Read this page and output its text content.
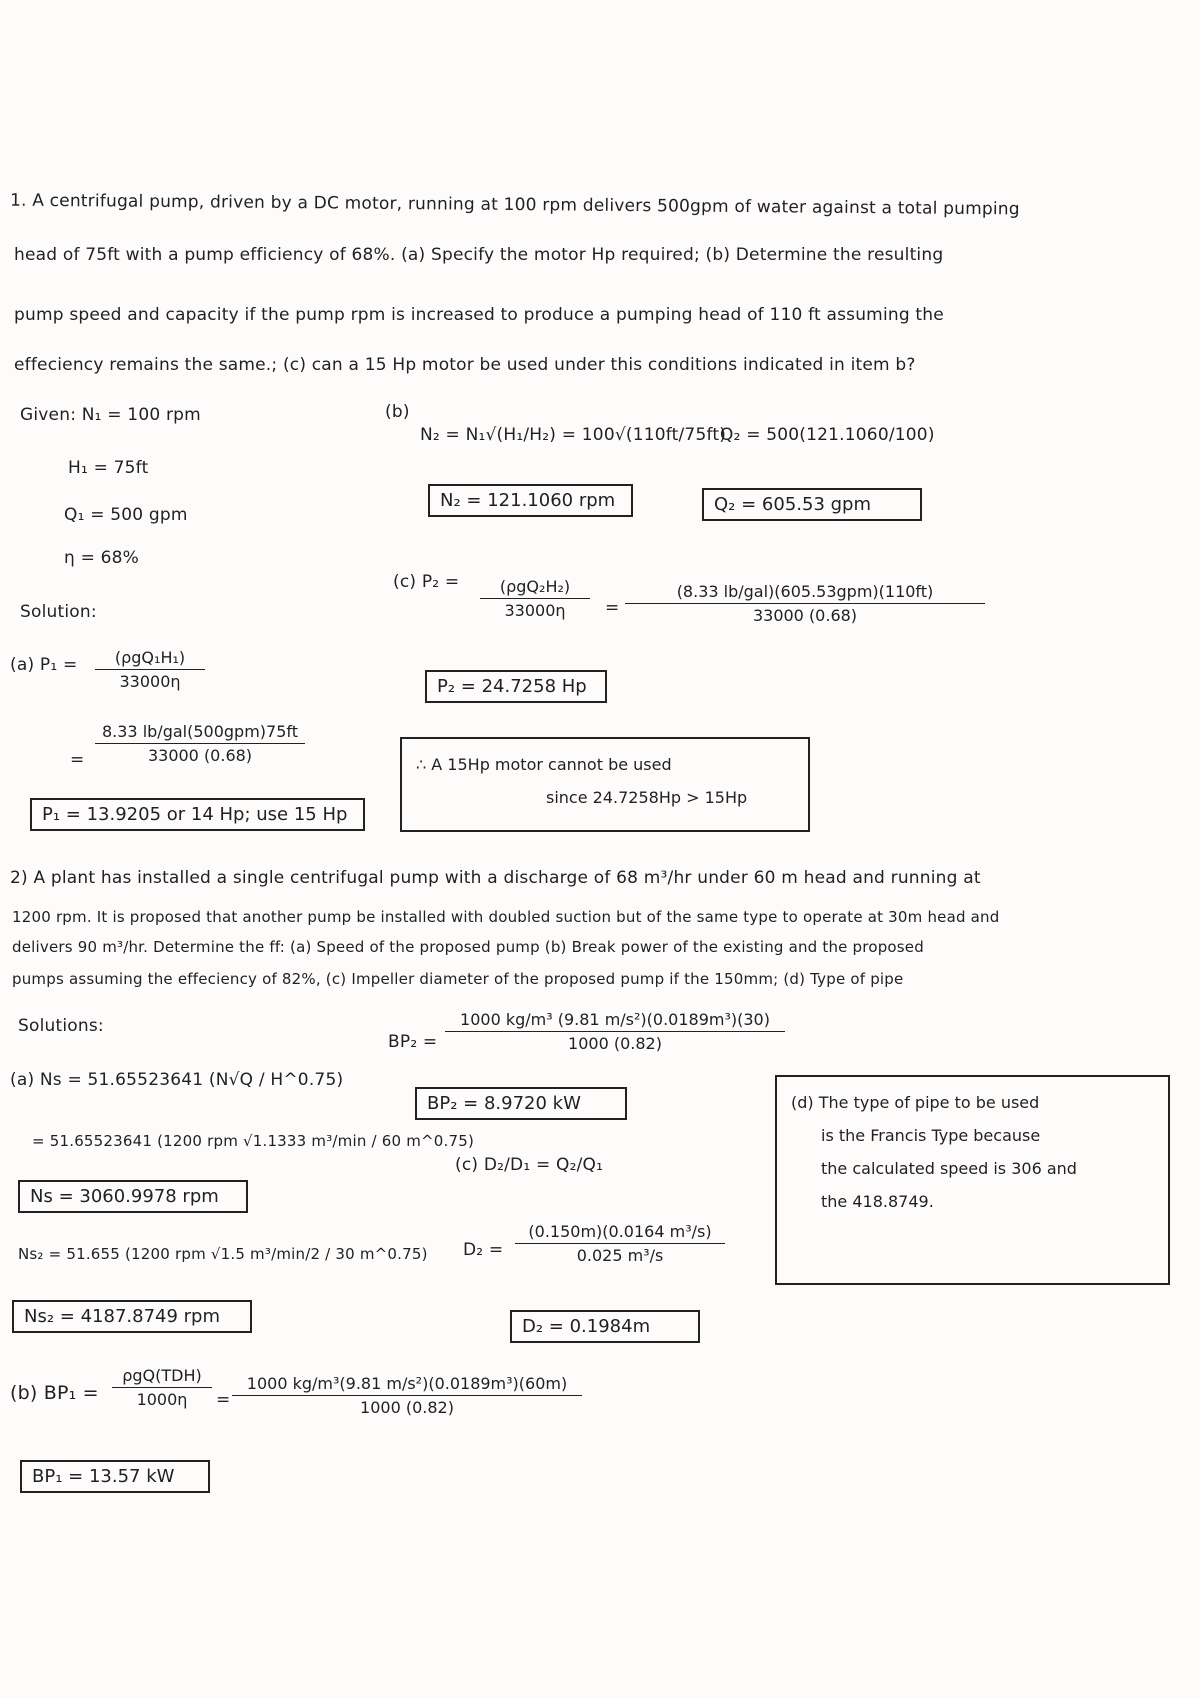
1. A centrifugal pump, driven by a DC motor, running at 100 rpm delivers 500gpm of water against a total pumping
head of 75ft with a pump efficiency of 68%. (a) Specify the motor Hp required; (b) Determine the resulting
pump speed and capacity if the pump rpm is increased to produce a pumping head of 110 ft assuming the
effeciency remains the same.; (c) can a 15 Hp motor be used under this conditions indicated in item b?
Given: N₁ = 100 rpm
H₁ = 75ft
Q₁ = 500 gpm
η = 68%
Solution:
(a) P₁ =	(ρgQ₁H₁)
33000η
=
8.33 lb/gal(500gpm)75ft
33000 (0.68)
P₁ = 13.9205 or 14 Hp; use 15 Hp
(b)
N₂ = N₁√(H₁/H₂) = 100√(110ft/75ft)
Q₂ = 500(121.1060/100)
N₂ = 121.1060 rpm	Q₂ = 605.53 gpm
(c) P₂ =	(ρgQ₂H₂)
33000η	=
(8.33 lb/gal)(605.53gpm)(110ft)
33000 (0.68)
P₂ = 24.7258 Hp
∴ A 15Hp motor cannot be used
since 24.7258Hp > 15Hp
2) A plant has installed a single centrifugal pump with a discharge of 68 m³/hr under 60 m head and running at
1200 rpm. It is proposed that another pump be installed with doubled suction but of the same type to operate at 30m head and
delivers 90 m³/hr. Determine the ff: (a) Speed of the proposed pump (b) Break power of the existing and the proposed
pumps assuming the effeciency of 82%, (c) Impeller diameter of the proposed pump if the 150mm; (d) Type of pipe
Solutions:
(a) Ns = 51.65523641 (N√Q / H^0.75)
= 51.65523641 (1200 rpm √1.1333 m³/min / 60 m^0.75)
Ns = 3060.9978 rpm
Ns₂ = 51.655 (1200 rpm √1.5 m³/min/2 / 30 m^0.75)
Ns₂ = 4187.8749 rpm
(b) BP₁ =
ρgQ(TDH)
1000η	=
1000 kg/m³(9.81 m/s²)(0.0189m³)(60m)
1000 (0.82)
BP₁ = 13.57 kW
BP₂ =
1000 kg/m³ (9.81 m/s²)(0.0189m³)(30)
1000 (0.82)
BP₂ = 8.9720 kW
(c) D₂/D₁ = Q₂/Q₁
D₂ =
(0.150m)(0.0164 m³/s)
0.025 m³/s
D₂ = 0.1984m
(d) The type of pipe to be used
is the Francis Type because
the calculated speed is 306 and
the 418.8749.
